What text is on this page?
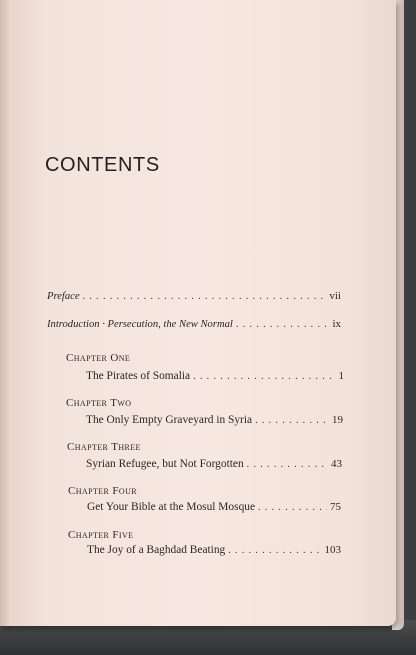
CONTENTS
Preface . . .	vii
Introduction · Persecution, the New Normal . . .	ix
Chapter One
The Pirates of Somalia . . .	1
Chapter Two
The Only Empty Graveyard in Syria . . .	19
Chapter Three
Syrian Refugee, but Not Forgotten . . .	43
Chapter Four
Get Your Bible at the Mosul Mosque . . .	75
Chapter Five
The Joy of a Baghdad Beating . . .	103
